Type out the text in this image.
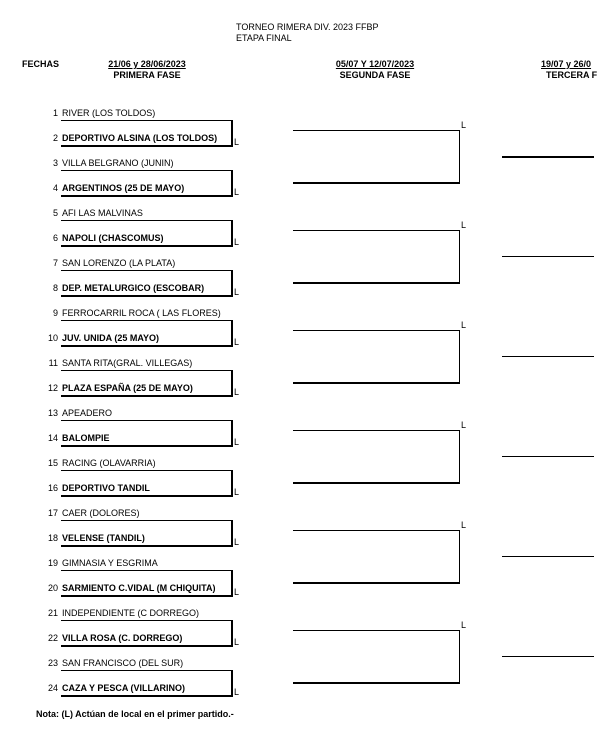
TORNEO RIMERA DIV. 2023 FFBP
ETAPA FINAL
FECHAS	21/06 y 28/06/2023
PRIMERA FASE
05/07 Y 12/07/2023
SEGUNDA FASE
19/07 y 26/0
TERCERA F
1 RIVER (LOS TOLDOS)
2 DEPORTIVO ALSINA (LOS TOLDOS)
3 VILLA BELGRANO (JUNIN)
4 ARGENTINOS (25 DE MAYO)
5 AFI LAS MALVINAS
6 NAPOLI (CHASCOMUS)
7 SAN LORENZO (LA PLATA)
8 DEP. METALURGICO (ESCOBAR)
9 FERROCARRIL ROCA ( LAS FLORES)
10 JUV. UNIDA (25 MAYO)
11 SANTA RITA(GRAL. VILLEGAS)
12 PLAZA ESPAÑA (25 DE MAYO)
13 APEADERO
14 BALOMPIE
15 RACING (OLAVARRIA)
16 DEPORTIVO TANDIL
17 CAER (DOLORES)
18 VELENSE (TANDIL)
19 GIMNASIA Y ESGRIMA
20 SARMIENTO C.VIDAL (M CHIQUITA)
21 INDEPENDIENTE (C DORREGO)
22 VILLA ROSA (C. DORREGO)
23 SAN FRANCISCO (DEL SUR)
24 CAZA Y PESCA (VILLARINO)
L
L
L
L
L
L
L
L
L
L
L
L
L
L
L
L
L
L
Nota: (L) Actúan de local en el primer partido.-
